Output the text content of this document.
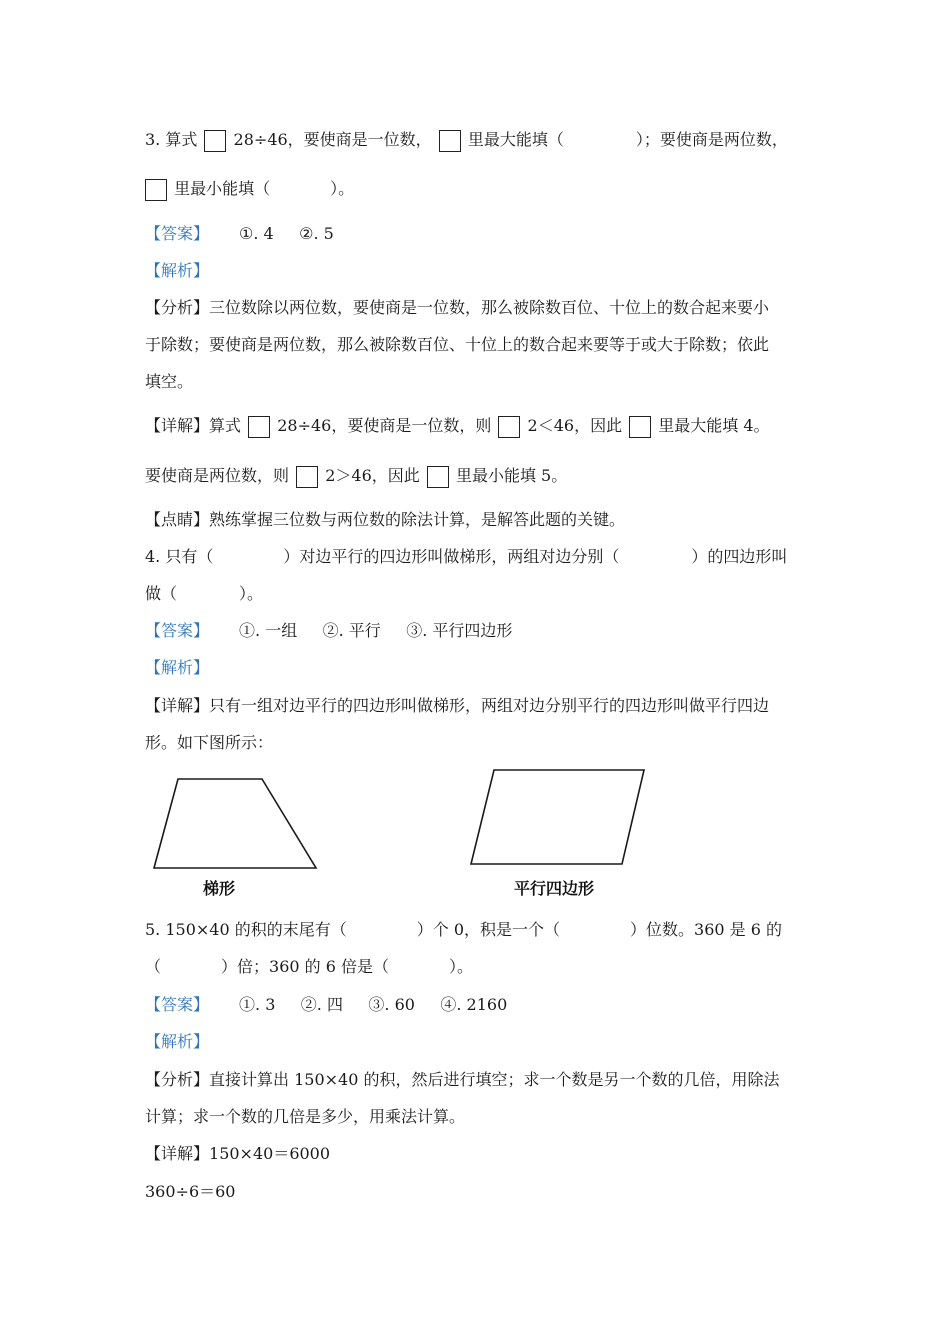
3. 算式 28÷46，要使商是一位数， 里最大能填（	）；要使商是两位数，
里最小能填（	）。
【答案】 ①. 4     ②. 5
【解析】
【分析】三位数除以两位数，要使商是一位数，那么被除数百位、十位上的数合起来要小
于除数；要使商是两位数，那么被除数百位、十位上的数合起来要等于或大于除数；依此
填空。
【详解】算式 28÷46，要使商是一位数，则 2＜46，因此 里最大能填 4。
要使商是两位数，则 2＞46，因此 里最小能填 5。
【点睛】熟练掌握三位数与两位数的除法计算，是解答此题的关键。
4. 只有（	）对边平行的四边形叫做梯形，两组对边分别（	）的四边形叫
做（	）。
【答案】 ①. 一组     ②. 平行     ③. 平行四边形
【解析】
【详解】只有一组对边平行的四边形叫做梯形，两组对边分别平行的四边形叫做平行四边
形。如下图所示：
梯形	平行四边形
5. 150×40 的积的末尾有（	）个 0，积是一个（	）位数。360 是 6 的
（	）倍；360 的 6 倍是（	）。
【答案】 ①. 3     ②. 四     ③. 60     ④. 2160
【解析】
【分析】直接计算出 150×40 的积，然后进行填空；求一个数是另一个数的几倍，用除法
计算；求一个数的几倍是多少，用乘法计算。
【详解】150×40＝6000
360÷6＝60
